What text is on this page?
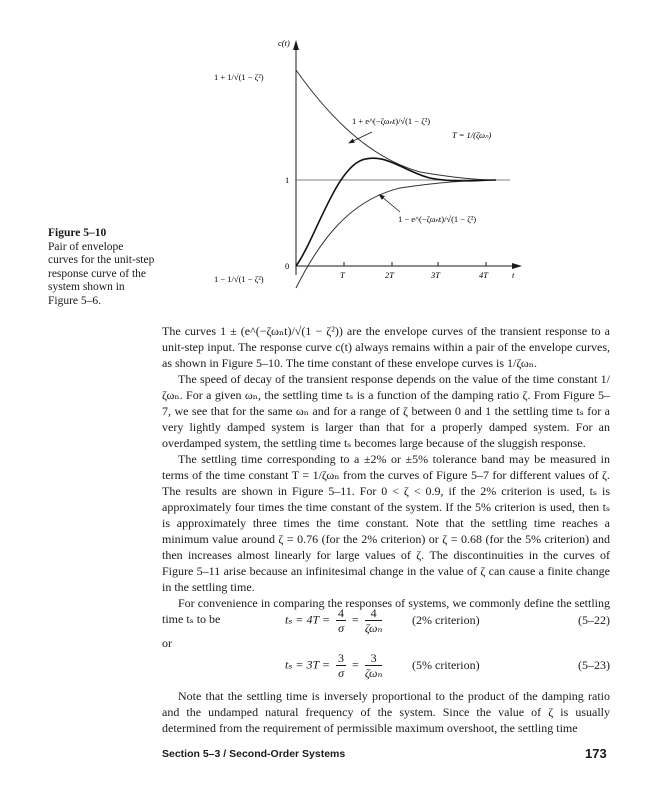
c(t)
1
0
T	2T	3T	4T	t
1 + 1/√(1 − ζ²)
1 − 1/√(1 − ζ²)
1 + e^(−ζωₙt)/√(1 − ζ²)
1 − e^(−ζωₙt)/√(1 − ζ²)
T = 1/(ζωₙ)
Figure 5–10
Pair of envelope curves for the unit-step response curve of the system shown in Figure 5–6.

The curves 1 ± (e^(−ζωₙt)/√(1 − ζ²)) are the envelope curves of the transient response to a unit-step input. The response curve c(t) always remains within a pair of the envelope curves, as shown in Figure 5–10. The time constant of these envelope curves is 1/ζωₙ.

The speed of decay of the transient response depends on the value of the time constant 1/ζωₙ. For a given ωₙ, the settling time tₛ is a function of the damping ratio ζ. From Figure 5–7, we see that for the same ωₙ and for a range of ζ between 0 and 1 the settling time tₛ for a very lightly damped system is larger than that for a properly damped system. For an overdamped system, the settling time tₛ becomes large because of the sluggish response.

The settling time corresponding to a ±2% or ±5% tolerance band may be measured in terms of the time constant T = 1/ζωₙ from the curves of Figure 5–7 for different values of ζ. The results are shown in Figure 5–11. For 0 < ζ < 0.9, if the 2% criterion is used, tₛ is approximately four times the time constant of the system. If the 5% criterion is used, then tₛ is approximately three times the time constant. Note that the settling time reaches a minimum value around ζ = 0.76 (for the 2% criterion) or ζ = 0.68 (for the 5% criterion) and then increases almost linearly for large values of ζ. The discontinuities in the curves of Figure 5–11 arise because an infinitesimal change in the value of ζ can cause a finite change in the settling time.

For convenience in comparing the responses of systems, we commonly define the settling time tₛ to be	$t_s = 4T = \frac{4}{\sigma} = \frac{4}{\text{ζωₙ}} (2\%$ criterion)	(5–22)
or
$t_s = 3T = \frac{3}{\sigma} = \frac{3}{\text{ζωₙ}} (5\%$ criterion)	(5–23)

Note that the settling time is inversely proportional to the product of the damping ratio and the undamped natural frequency of the system. Since the value of ζ is usually determined from the requirement of permissible maximum overshoot, the settling time

Section 5–3 / Second-Order Systems	173
